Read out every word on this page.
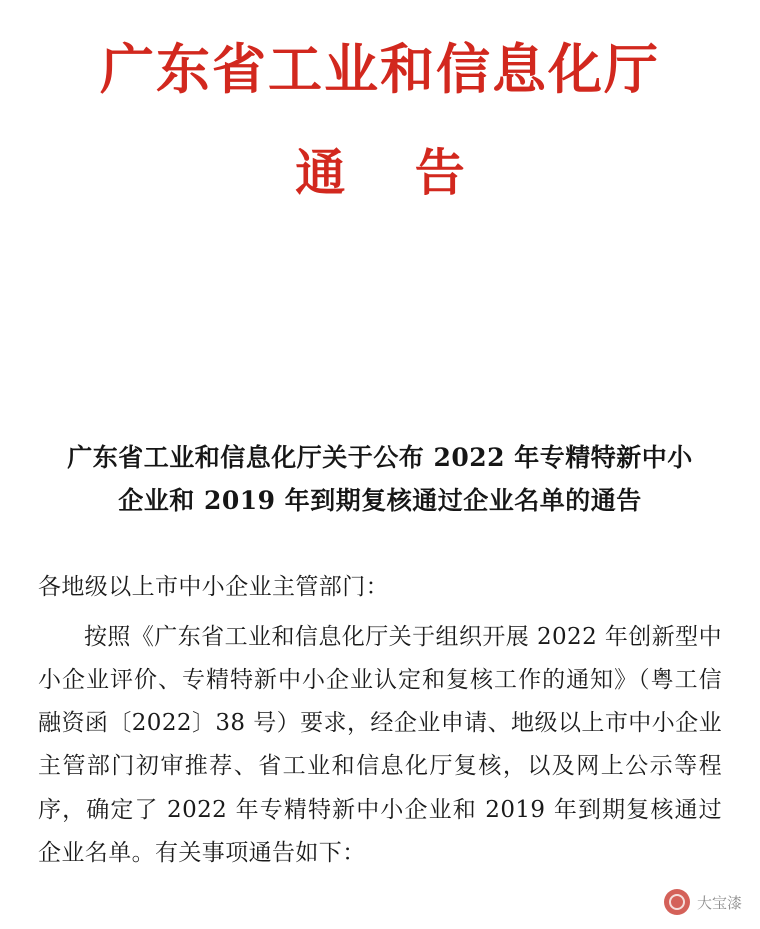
广东省工业和信息化厅
通 告
广东省工业和信息化厅关于公布 2022 年专精特新中小企业和 2019 年到期复核通过企业名单的通告

各地级以上市中小企业主管部门：

按照《广东省工业和信息化厅关于组织开展 2022 年创新型中小企业评价、专精特新中小企业认定和复核工作的通知》（粤工信融资函〔2022〕38 号）要求，经企业申请、地级以上市中小企业主管部门初审推荐、省工业和信息化厅复核，以及网上公示等程序，确定了 2022 年专精特新中小企业和 2019 年到期复核通过企业名单。有关事项通告如下：

大宝漆
